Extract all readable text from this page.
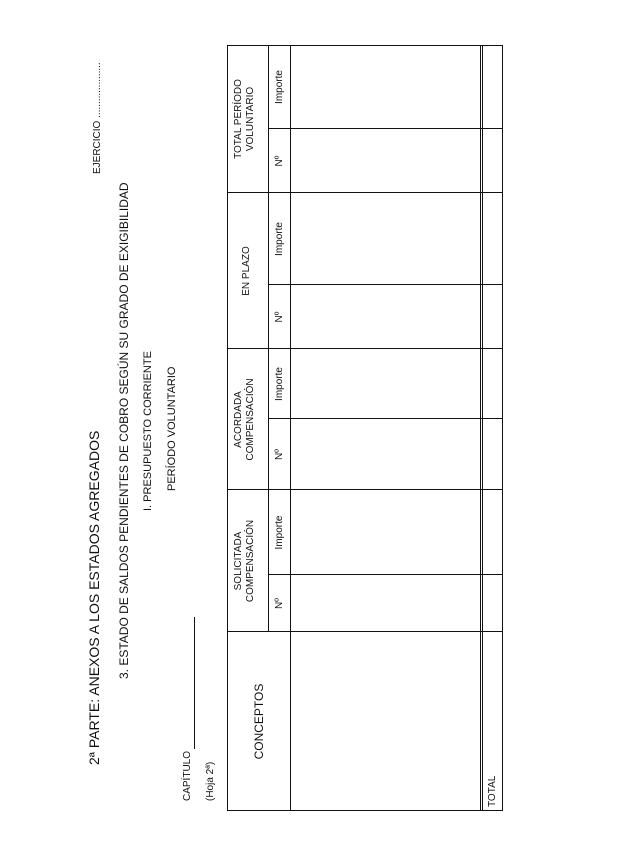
2ª PARTE: ANEXOS A LOS ESTADOS AGREGADOS
EJERCICIO ....................
3. ESTADO DE SALDOS PENDIENTES DE COBRO SEGÚN SU GRADO DE EXIGIBILIDAD I. PRESUPUESTO CORRIENTE PERÍODO VOLUNTARIO
CAPÍTULO (Hoja 2ª)
CONCEPTOS
SOLICITADA COMPENSACIÓN
ACORDADA COMPENSACIÓN
EN PLAZO
TOTAL PERÍODO VOLUNTARIO
Nº
Importe
Nº
Importe
Nº
Importe
Nº
Importe
TOTAL
